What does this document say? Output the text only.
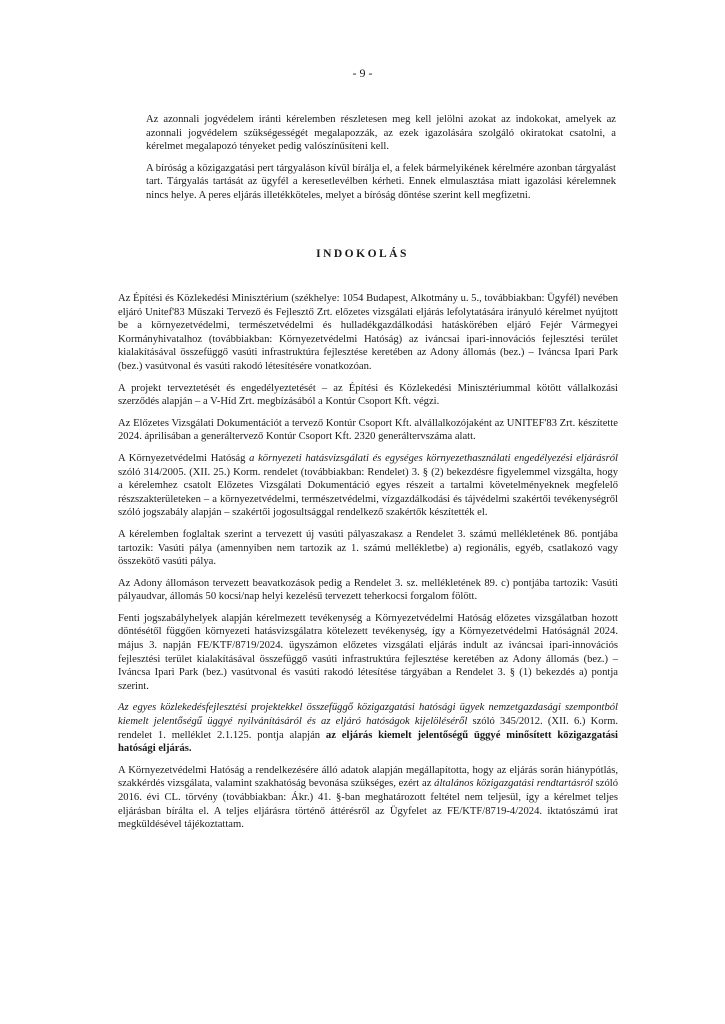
- 9 -

Az azonnali jogvédelem iránti kérelemben részletesen meg kell jelölni azokat az indokokat, amelyek az azonnali jogvédelem szükségességét megalapozzák, az ezek igazolására szolgáló okiratokat csatolni, a kérelmet megalapozó tényeket pedig valószínűsíteni kell.

A bíróság a közigazgatási pert tárgyaláson kívül bírálja el, a felek bármelyikének kérelmére azonban tárgyalást tart. Tárgyalás tartását az ügyfél a keresetlevélben kérheti. Ennek elmulasztása miatt igazolási kérelemnek nincs helye. A peres eljárás illetékköteles, melyet a bíróság döntése szerint kell megfizetni.

INDOKOLÁS

Az Építési és Közlekedési Minisztérium (székhelye: 1054 Budapest, Alkotmány u. 5., továbbiakban: Ügyfél) nevében eljáró Unitef'83 Műszaki Tervező és Fejlesztő Zrt. előzetes vizsgálati eljárás lefolytatására irányuló kérelmet nyújtott be a környezetvédelmi, természetvédelmi és hulladékgazdálkodási hatáskörében eljáró Fejér Vármegyei Kormányhivatalhoz (továbbiakban: Környezetvédelmi Hatóság) az iváncsai ipari-innovációs fejlesztési terület kialakításával összefüggő vasúti infrastruktúra fejlesztése keretében az Adony állomás (bez.) – Iváncsa Ipari Park (bez.) vasútvonal és vasúti rakodó létesítésére vonatkozóan.

A projekt terveztetését és engedélyeztetését – az Építési és Közlekedési Minisztériummal kötött vállalkozási szerződés alapján – a V-Híd Zrt. megbízásából a Kontúr Csoport Kft. végzi.

Az Előzetes Vizsgálati Dokumentációt a tervező Kontúr Csoport Kft. alvállalkozójaként az UNITEF'83 Zrt. készítette 2024. áprilisában a generáltervező Kontúr Csoport Kft. 2320 generáltervszáma alatt.

A Környezetvédelmi Hatóság a környezeti hatásvizsgálati és egységes környezethasználati engedélyezési eljárásról szóló 314/2005. (XII. 25.) Korm. rendelet (továbbiakban: Rendelet) 3. § (2) bekezdésre figyelemmel vizsgálta, hogy a kérelemhez csatolt Előzetes Vizsgálati Dokumentáció egyes részeit a tartalmi követelményeknek megfelelő részszakterületeken – a környezetvédelmi, természetvédelmi, vízgazdálkodási és tájvédelmi szakértői tevékenységről szóló jogszabály alapján – szakértői jogosultsággal rendelkező szakértők készítették el.

A kérelemben foglaltak szerint a tervezett új vasúti pályaszakasz a Rendelet 3. számú mellékletének 86. pontjába tartozik: Vasúti pálya (amennyiben nem tartozik az 1. számú mellékletbe) a) regionális, egyéb, csatlakozó vagy összekötő vasúti pálya.

Az Adony állomáson tervezett beavatkozások pedig a Rendelet 3. sz. mellékletének 89. c) pontjába tartozik: Vasúti pályaudvar, állomás 50 kocsi/nap helyi kezelésű tervezett teherkocsi forgalom fölött.

Fenti jogszabályhelyek alapján kérelmezett tevékenység a Környezetvédelmi Hatóság előzetes vizsgálatban hozott döntésétől függően környezeti hatásvizsgálatra kötelezett tevékenység, így a Környezetvédelmi Hatóságnál 2024. május 3. napján FE/KTF/8719/2024. ügyszámon előzetes vizsgálati eljárás indult az iváncsai ipari-innovációs fejlesztési terület kialakításával összefüggő vasúti infrastruktúra fejlesztése keretében az Adony állomás (bez.) – Iváncsa Ipari Park (bez.) vasútvonal és vasúti rakodó létesítése tárgyában a Rendelet 3. § (1) bekezdés a) pontja szerint.

Az egyes közlekedésfejlesztési projektekkel összefüggő közigazgatási hatósági ügyek nemzetgazdasági szempontból kiemelt jelentőségű üggyé nyilvánításáról és az eljáró hatóságok kijelöléséről szóló 345/2012. (XII. 6.) Korm. rendelet 1. melléklet 2.1.125. pontja alapján az eljárás kiemelt jelentőségű üggyé minősített közigazgatási hatósági eljárás.

A Környezetvédelmi Hatóság a rendelkezésére álló adatok alapján megállapította, hogy az eljárás során hiánypótlás, szakkérdés vizsgálata, valamint szakhatóság bevonása szükséges, ezért az általános közigazgatási rendtartásról szóló 2016. évi CL. törvény (továbbiakban: Ákr.) 41. §-ban meghatározott feltétel nem teljesül, így a kérelmet teljes eljárásban bírálta el. A teljes eljárásra történő áttérésről az Ügyfelet az FE/KTF/8719-4/2024. iktatószámú irat megküldésével tájékoztattam.
